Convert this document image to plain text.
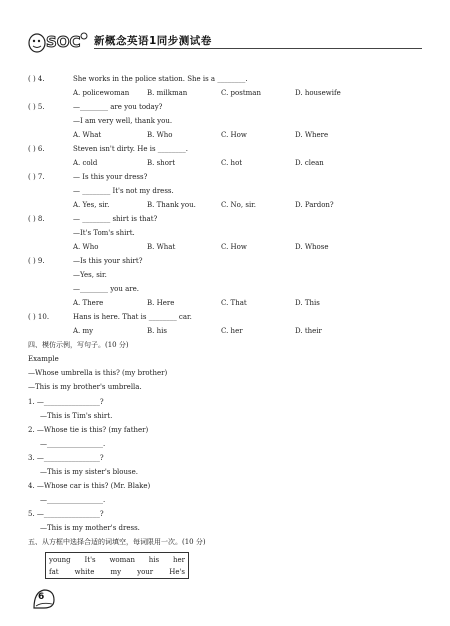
SOC 新概念英语1同步测试卷
( ) 4.	She works in the police station. She is a ________.
A. policewoman	B. milkman	C. postman	D. housewife
( ) 5.	—________ are you today?
—I am very well, thank you.
A. What	B. Who	C. How	D. Where
( ) 6.	Steven isn't dirty. He is ________.
A. cold	B. short	C. hot	D. clean
( ) 7.	— Is this your dress?
— ________ It's not my dress.
A. Yes, sir.	B. Thank you.	C. No, sir.	D. Pardon?
( ) 8.	— ________ shirt is that?
—It's Tom's shirt.
A. Who	B. What	C. How	D. Whose
( ) 9.	—Is this your shirt?
—Yes, sir.
—________ you are.
A. There	B. Here	C. That	D. This
( ) 10.	Hans is here. That is ________ car.
A. my	B. his	C. her	D. their
四、模仿示例，写句子。(10 分)
Example
—Whose umbrella is this? (my brother)
—This is my brother's umbrella.
1. —________________?
—This is Tim's shirt.
2. —Whose tie is this? (my father)
—________________.
3. —________________?
—This is my sister's blouse.
4. —Whose car is this? (Mr. Blake)
—________________.
5. —________________?
—This is my mother's dress.
五、从方框中选择合适的词填空，每词限用一次。(10 分)
young It's woman his her
fat white my your He's
6
